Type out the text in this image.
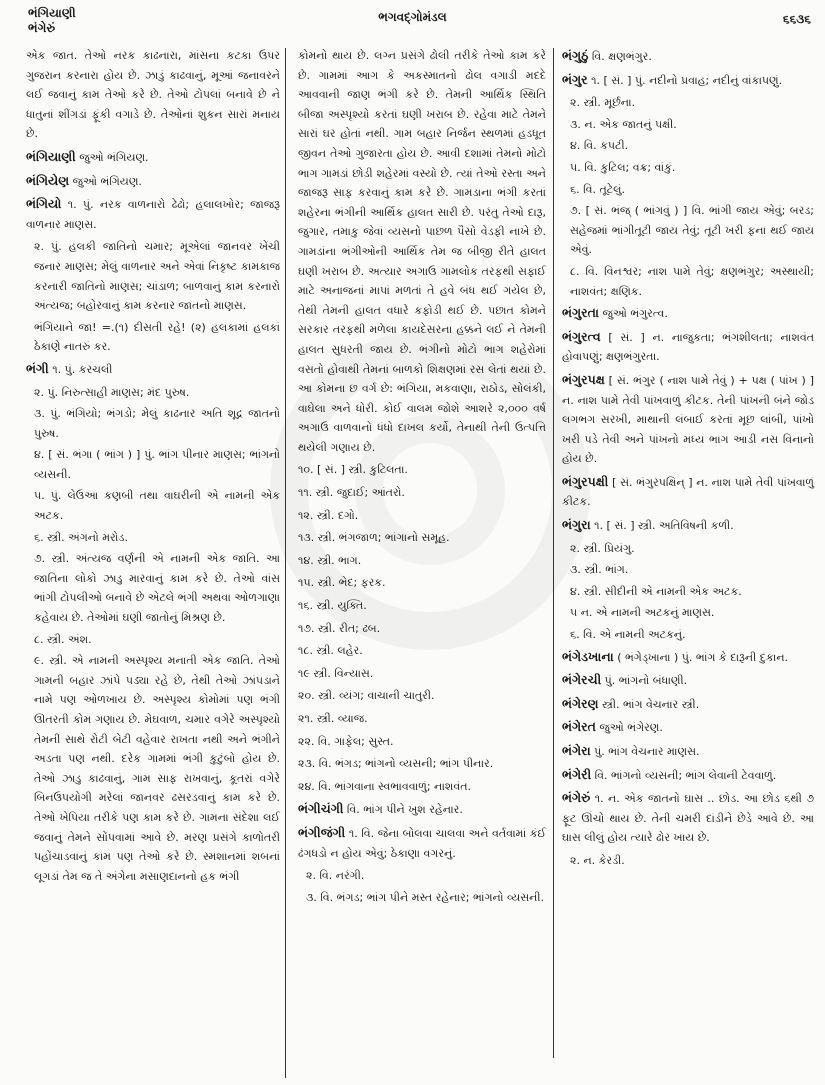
ભંગિયાણી
ભંગેરું
ભગવદ્ગોમંડલ	૬૬૩૬
એક જાત. તેઓ નરક કાઢનારા, માંસના કટકા ઉપર ગુજરાન કરનારા હોય છે. ઝાડું કાઢવાનું, મૂઆં જનાવરને લઈ જવાનું કામ તેઓ કરે છે. તેઓ ટોપલાં બનાવે છે ને ધાતુનાં શીંગડાં ફૂંકી વગાડે છે. તેઓનાં શુકન સારાં મનાય છે.
ભંગિયાણી જુઓ ભંગિયણ.
ભંગિયેણ જુઓ ભંગિયણ.
ભંગિયો ૧. પું. નરક વાળનારો ઢેઢો; હલાલખોર; જાજરૂ વાળનાર માણસ.
૨. પું. હલકી જાતિનો ચમાર; મૂએલાં જાનવર ખેંચી જનાર માણસ; મેલું વાળનાર અને એવાં નિકૃષ્ટ કામકાજ કરનારી જાતિનો માણસ; ચાંડાળ; બાળવાનું કામ કરનારો અંત્યજ; બહોરવાનું કામ કરનાર જાતનો માણસ.
ભંગિયાને જા! =.(૧) દીસતી રહે! (૨) હલકામાં હલકાં ઠેકાણે નાતરું કર.
ભંગી ૧. પું. કરચલી
૨. પું. નિરુત્સાહી માણસ; મંદ પુરુષ.
૩. પું. ભંગિયો; ભંગડો; મેલું કાઢનાર અતિ શૂદ્ર જાતનો પુરુષ.
૪. [ સં. ભંગા ( ભાંગ ) ] પું. ભાંગ પીનાર માણસ; ભાંગનો વ્યસની.
૫. પું. લેઉઆ કણબી તથા વાઘરીની એ નામની એક અટક.
૬. સ્ત્રી. અંગનો મરોડ.
૭. સ્ત્રી. અંત્યજ વર્ણની એ નામની એક જાતિ. આ જાતિના લોકો ઝાડુ મારવાનું કામ કરે છે. તેઓ વાંસ ભાંગી ટોપલીઓ બનાવે છે એટલે ભંગી અથવા ઓળગાણા કહેવાય છે. તેઓમાં ઘણી જાતોનું મિશ્રણ છે.
૮. સ્ત્રી. અંશ.
૯. સ્ત્રી. એ નામની અસ્પૃશ્ય મનાતી એક જાતિ. તેઓ ગામની બહાર ઝાંપે પડ્યા રહે છે, તેથી તેઓ ઝાંપડાને નામે પણ ઓળખાય છે. અસ્પૃશ્ય કોમોમાં પણ ભંગી ઊતરતી કોમ ગણાય છે. મેઘવાળ, ચમાર વગેરે અસ્પૃશ્યો તેમની સાથે રોટી બેટી વહેવાર રાખતા નથી અને ભંગીને અડતા પણ નથી. દરેક ગામમાં ભંગી કુટુંબો હોય છે. તેઓ ઝાડુ કાઢવાનું, ગામ સાફ રાખવાનું, કૂતરાં વગેરે બિનઉપયોગી મરેલાં જાનવર ઢસરડવાનું કામ કરે છે. તેઓ ખેપિયા તરીકે પણ કામ કરે છે. ગામના સંદેશા લઈ જવાનું તેમને સોંપવામાં આવે છે. મરણ પ્રસંગે કાળોતરી પહોંચાડવાનું કામ પણ તેઓ કરે છે. સ્મશાનમાં શબનાં લૂગડાં તેમ જ તે અંગેના મસાણદાનનો હક ભંગી
કોમનો થાય છે. લગ્ન પ્રસંગે ઢોલી તરીકે તેઓ કામ કરે છે. ગામમાં આગ કે અકસ્માતનો ઢોલ વગાડી મદદે આવવાની જાણ ભંગી કરે છે. તેમની આર્થિક સ્થિતિ બીજા અસ્પૃશ્યો કરતાં ઘણી ખરાબ છે. રહેવા માટે તેમને સારાં ઘર હોતાં નથી. ગામ બહાર નિર્જન સ્થળમાં હડધૂત જીવન તેઓ ગુજારતા હોય છે. આવી દશામાં તેમનો મોટો ભાગ ગામડાં છોડી શહેરમાં વસ્યો છે. ત્યાં તેઓ રસ્તા અને જાજરૂ સાફ કરવાનું કામ કરે છે. ગામડાના ભંગી કરતાં શહેરના ભંગીની આર્થિક હાલત સારી છે. પરંતુ તેઓ દારૂ, જુગાર, તમાકુ જેવાં વ્યસનો પાછળ પૈસો વેડફી નાખે છે. ગામડાંના ભંગીઓની આર્થિક તેમ જ બીજી રીતે હાલત ઘણી ખરાબ છે. અત્યાર અગાઉ ગામલોક તરફથી સફાઈ માટે અનાજનાં માપાં મળતાં તે હવે બંધ થઈ ગયેલ છે, તેથી તેમની હાલત વધારે કફોડી થઈ છે. પછાત કોમને સરકાર તરફથી મળેલા કાયદેસરના હક્કને લઈ ને તેમની હાલત સુધરતી જાય છે. ભંગીનો મોટો ભાગ શહેરોમાં વસતો હોવાથી તેમનાં બાળકો શિક્ષણમાં રસ લેતાં થયાં છે. આ કોમના છ વર્ગ છે: ભંગિયા, મકવાણા, રાઠોડ, સોલંકી, વાઘેલા અને ધોરી. કોઈ વાલમ જોશે આશરે ૨,૦૦૦ વર્ષ અગાઉ વાળવાનો ધંધો દાખલ કર્યો, તેનાથી તેની ઉત્પત્તિ થયેલી ગણાય છે.
૧૦. [ સં. ] સ્ત્રી. કુટિલતા.
૧૧. સ્ત્રી. જુદાઈ; આંતરો.
૧૨. સ્ત્રી. દગો.
૧૩. સ્ત્રી. ભંગજાળ; ભાંગાનો સમૂહ.
૧૪. સ્ત્રી. ભાગ.
૧૫. સ્ત્રી. ભેદ; ફરક.
૧૬. સ્ત્રી. યુક્તિ.
૧૭. સ્ત્રી. રીત; ઢબ.
૧૮. સ્ત્રી. લહેર.
૧૯ સ્ત્રી. વિન્યાસ.
૨૦. સ્ત્રી. વ્યંગ; વાચાની ચાતુરી.
૨૧. સ્ત્રી. વ્યાજ.
૨૨. વિ. ગાફેલ; સુસ્ત.
૨૩. વિ. ભંગડ; ભાંગનો વ્યસની; ભાંગ પીનાર.
૨૪. વિ. ભાંગવાના સ્વભાવવાળું; નાશવંત.
ભંગીચંગી વિ. ભાંગ પીને ખુશ રહેનાર.
ભંગીજંગી ૧. વિ. જેના બોલવા ચાલવા અને વર્તવામાં કંઈ ઢંગધડો ન હોય એવું; ઠેકાણા વગરનું.
૨. વિ. નરંગી.
૩. વિ. ભંગડ; ભાંગ પીને મસ્ત રહેનાર; ભાંગનો વ્યસની.
ભંગુઠું વિ. ક્ષણભંગુર.
ભંગુર ૧. [ સં. ] પું. નદીનો પ્રવાહ; નદીનું વાંકાપણું.
૨. સ્ત્રી. મૂર્છના.
૩. ન. એક જાતનું પક્ષી.
૪. વિ. કપટી.
૫. વિ. કુટિલ; વક્ર; વાંકું.
૬. વિ. તૂટેલું.
૭. [ સં. ભંજ્ ( ભાંગવું ) ] વિ. ભાંગી જાય એવું; બરડ; સહેજમાં ભાંગીતૂટી જાય તેવું; તૂટી ખરી ફના થઈ જાય એવું.
૮. વિ. વિનશ્વર; નાશ પામે તેવું; ક્ષણભંગુર; અસ્થાયી; નાશવંત; ક્ષણિક.
ભંગુરતા જુઓ ભંગુરત્વ.
ભંગુરત્વ [ સં. ] ન. નાજુકતા; ભંગશીલતા; નાશવંત હોવાપણું; ક્ષણભંગુરતા.
ભંગુરપક્ષ [ સં. ભંગુર ( નાશ પામે તેવું ) + પક્ષ ( પાંખ ) ] ન. નાશ પામે તેવી પાંખવાળું કીટક. તેની પાંખની બંને જોડ લગભગ સરખી, માથાની લંબાઈ કરતાં મૂછ લાંબી, પાંખો ખરી પડે તેવી અને પાંખનો મધ્ય ભાગ આડી નસ વિનાનો હોય છે.
ભંગુરપક્ષી [ સં. ભંગુરપક્ષિન્ ] ન. નાશ પામે તેવી પાંખવાળું કીટક.
ભંગુરા ૧. [ સં. ] સ્ત્રી. અતિવિષની કળી.
૨. સ્ત્રી. પ્રિયંગુ.
૩. સ્ત્રી. ભાંગ.
૪. સ્ત્રી. સીદીની એ નામની એક અટક.
૫ ન. એ નામની અટકનું માણસ.
૬. વિ. એ નામની અટકનું.
ભંગેડખાના ( ભંગેડ્ખાના ) પું. ભાંગ કે દારૂની દુકાન.
ભંગેરચી પું. ભાંગનો બંધાણી.
ભંગેરણ સ્ત્રી. ભાંગ વેચનાર સ્ત્રી.
ભંગેરત જુઓ ભંગેરણ.
ભંગેરા પું. ભાંગ વેચનાર માણસ.
ભંગેરી વિ. ભાંગનો વ્યસની; ભાંગ લેવાની ટેવવાળું.
ભંગેરું ૧. ન. એક જાતનો ઘાસ .. છોડ. આ છોડ ૬થી ૭ ફૂટ ઊંચો થાય છે. તેની ચમરી દાંડીને છેડે આવે છે. આ ઘાસ લીલું હોય ત્યારે ઢોર ખાય છે.
૨. ન. કેરડી.
